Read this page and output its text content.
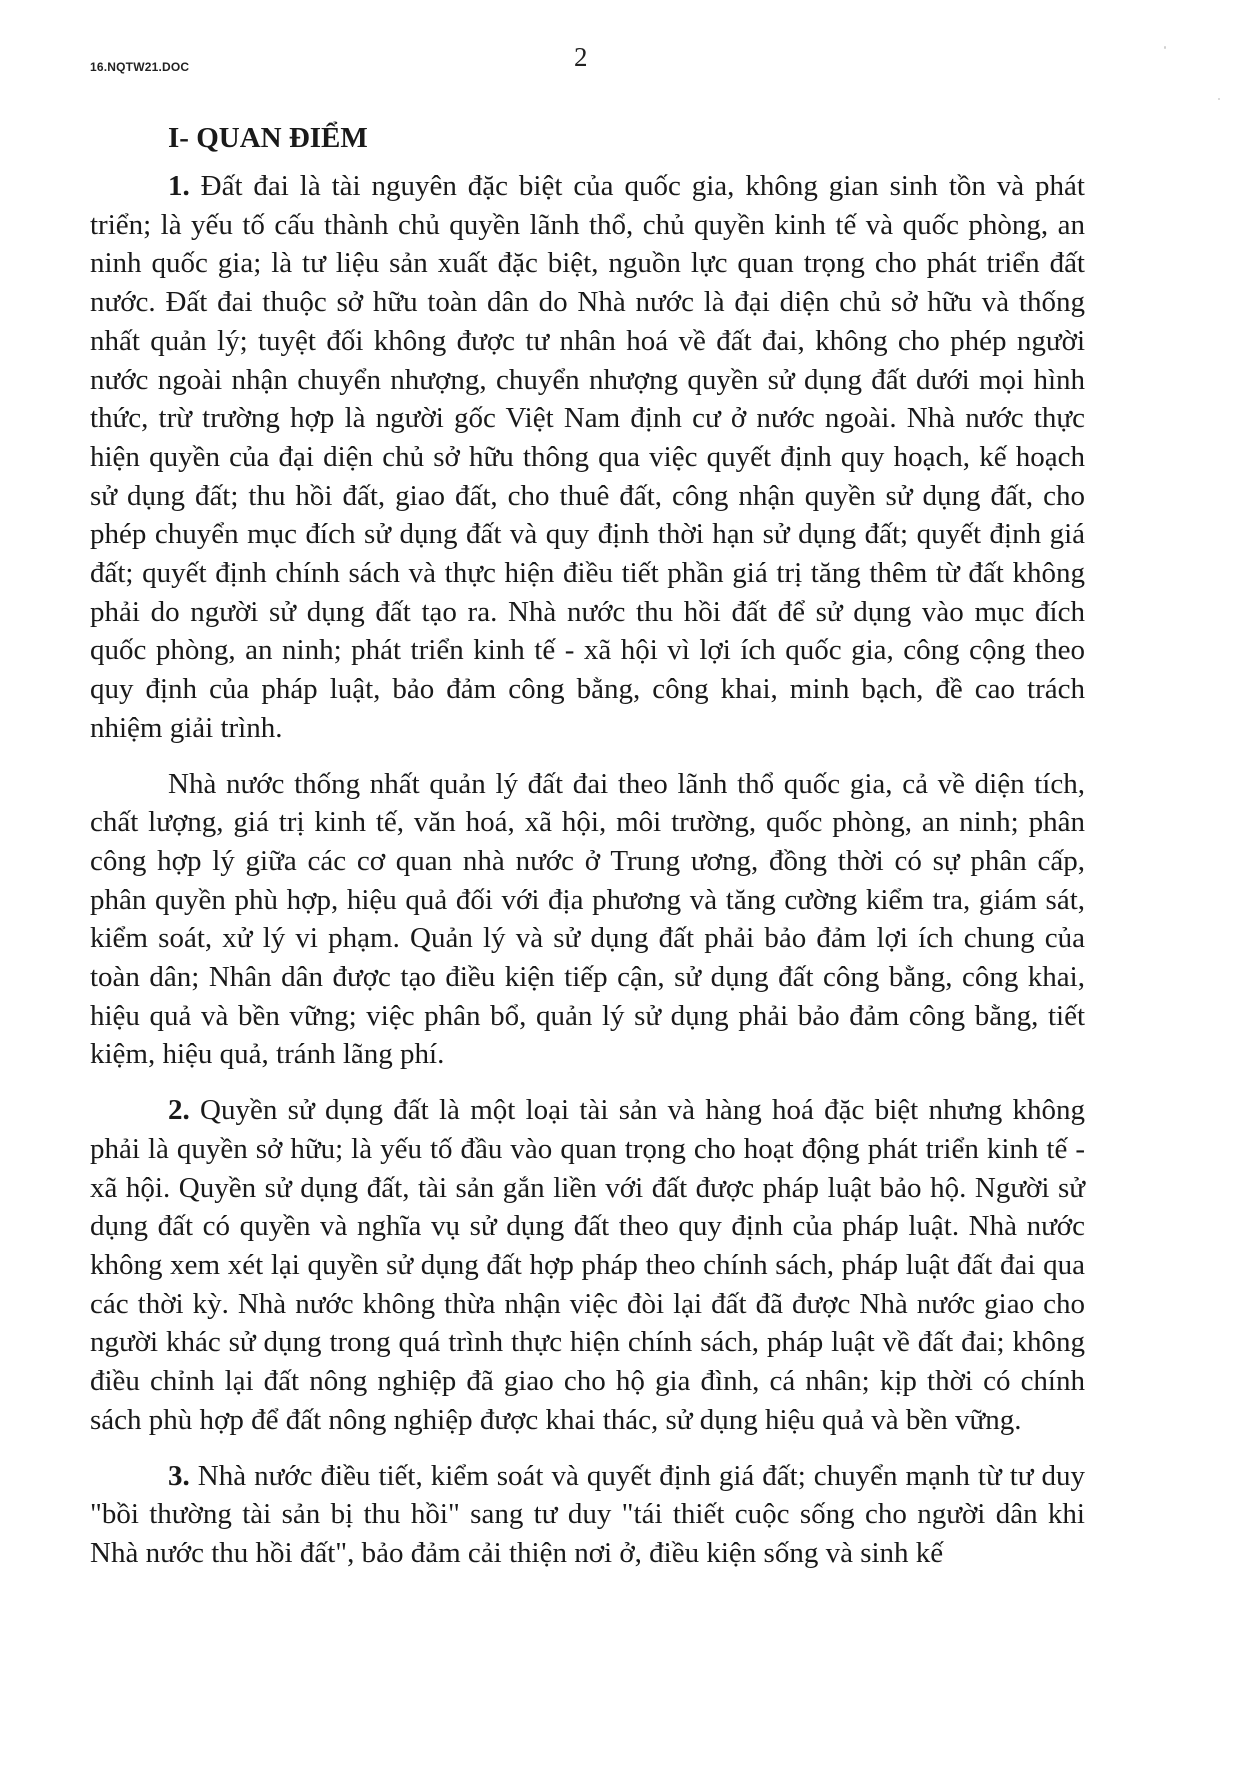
16.NQTW21.DOC	2
I- QUAN ĐIỂM

1. Đất đai là tài nguyên đặc biệt của quốc gia, không gian sinh tồn và phát triển; là yếu tố cấu thành chủ quyền lãnh thổ, chủ quyền kinh tế và quốc phòng, an ninh quốc gia; là tư liệu sản xuất đặc biệt, nguồn lực quan trọng cho phát triển đất nước. Đất đai thuộc sở hữu toàn dân do Nhà nước là đại diện chủ sở hữu và thống nhất quản lý; tuyệt đối không được tư nhân hoá về đất đai, không cho phép người nước ngoài nhận chuyển nhượng, chuyển nhượng quyền sử dụng đất dưới mọi hình thức, trừ trường hợp là người gốc Việt Nam định cư ở nước ngoài. Nhà nước thực hiện quyền của đại diện chủ sở hữu thông qua việc quyết định quy hoạch, kế hoạch sử dụng đất; thu hồi đất, giao đất, cho thuê đất, công nhận quyền sử dụng đất, cho phép chuyển mục đích sử dụng đất và quy định thời hạn sử dụng đất; quyết định giá đất; quyết định chính sách và thực hiện điều tiết phần giá trị tăng thêm từ đất không phải do người sử dụng đất tạo ra. Nhà nước thu hồi đất để sử dụng vào mục đích quốc phòng, an ninh; phát triển kinh tế - xã hội vì lợi ích quốc gia, công cộng theo quy định của pháp luật, bảo đảm công bằng, công khai, minh bạch, đề cao trách nhiệm giải trình.

Nhà nước thống nhất quản lý đất đai theo lãnh thổ quốc gia, cả về diện tích, chất lượng, giá trị kinh tế, văn hoá, xã hội, môi trường, quốc phòng, an ninh; phân công hợp lý giữa các cơ quan nhà nước ở Trung ương, đồng thời có sự phân cấp, phân quyền phù hợp, hiệu quả đối với địa phương và tăng cường kiểm tra, giám sát, kiểm soát, xử lý vi phạm. Quản lý và sử dụng đất phải bảo đảm lợi ích chung của toàn dân; Nhân dân được tạo điều kiện tiếp cận, sử dụng đất công bằng, công khai, hiệu quả và bền vững; việc phân bổ, quản lý sử dụng phải bảo đảm công bằng, tiết kiệm, hiệu quả, tránh lãng phí.

2. Quyền sử dụng đất là một loại tài sản và hàng hoá đặc biệt nhưng không phải là quyền sở hữu; là yếu tố đầu vào quan trọng cho hoạt động phát triển kinh tế - xã hội. Quyền sử dụng đất, tài sản gắn liền với đất được pháp luật bảo hộ. Người sử dụng đất có quyền và nghĩa vụ sử dụng đất theo quy định của pháp luật. Nhà nước không xem xét lại quyền sử dụng đất hợp pháp theo chính sách, pháp luật đất đai qua các thời kỳ. Nhà nước không thừa nhận việc đòi lại đất đã được Nhà nước giao cho người khác sử dụng trong quá trình thực hiện chính sách, pháp luật về đất đai; không điều chỉnh lại đất nông nghiệp đã giao cho hộ gia đình, cá nhân; kịp thời có chính sách phù hợp để đất nông nghiệp được khai thác, sử dụng hiệu quả và bền vững.

3. Nhà nước điều tiết, kiểm soát và quyết định giá đất; chuyển mạnh từ tư duy "bồi thường tài sản bị thu hồi" sang tư duy "tái thiết cuộc sống cho người dân khi Nhà nước thu hồi đất", bảo đảm cải thiện nơi ở, điều kiện sống và sinh kế
